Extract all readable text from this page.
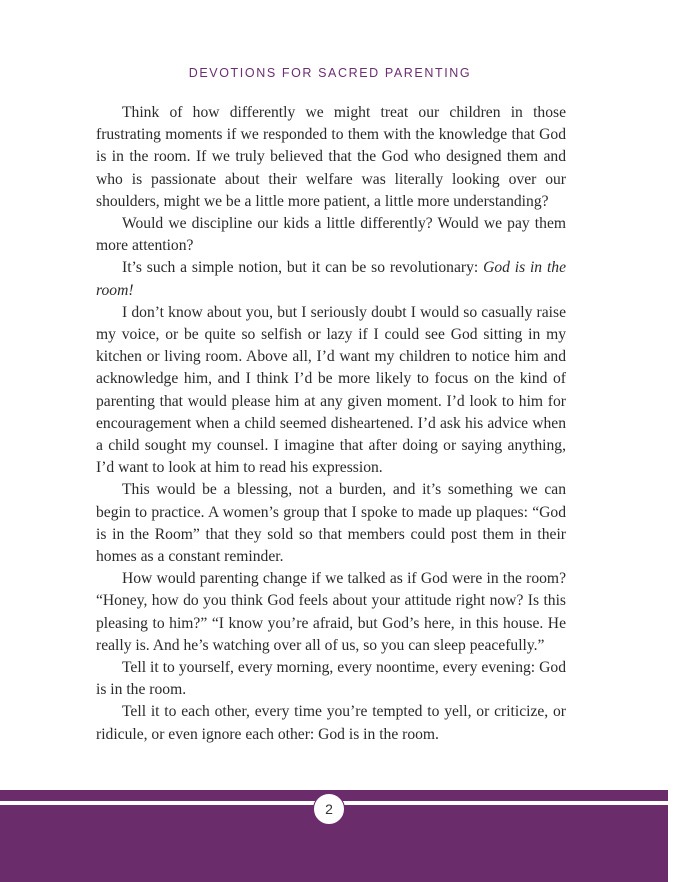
DEVOTIONS FOR SACRED PARENTING

Think of how differently we might treat our children in those frustrating moments if we responded to them with the knowledge that God is in the room. If we truly believed that the God who designed them and who is passionate about their welfare was literally looking over our shoulders, might we be a little more patient, a little more understanding?

Would we discipline our kids a little differently? Would we pay them more attention?

It’s such a simple notion, but it can be so revolutionary: God is in the room!

I don’t know about you, but I seriously doubt I would so casually raise my voice, or be quite so selfish or lazy if I could see God sitting in my kitchen or living room. Above all, I’d want my children to notice him and acknowledge him, and I think I’d be more likely to focus on the kind of parenting that would please him at any given moment. I’d look to him for encouragement when a child seemed disheartened. I’d ask his advice when a child sought my counsel. I imagine that after doing or saying anything, I’d want to look at him to read his expression.

This would be a blessing, not a burden, and it’s something we can begin to practice. A women’s group that I spoke to made up plaques: “God is in the Room” that they sold so that members could post them in their homes as a constant reminder.

How would parenting change if we talked as if God were in the room? “Honey, how do you think God feels about your attitude right now? Is this pleasing to him?” “I know you’re afraid, but God’s here, in this house. He really is. And he’s watching over all of us, so you can sleep peacefully.”

Tell it to yourself, every morning, every noontime, every evening: God is in the room.

Tell it to each other, every time you’re tempted to yell, or criticize, or ridicule, or even ignore each other: God is in the room.

2
